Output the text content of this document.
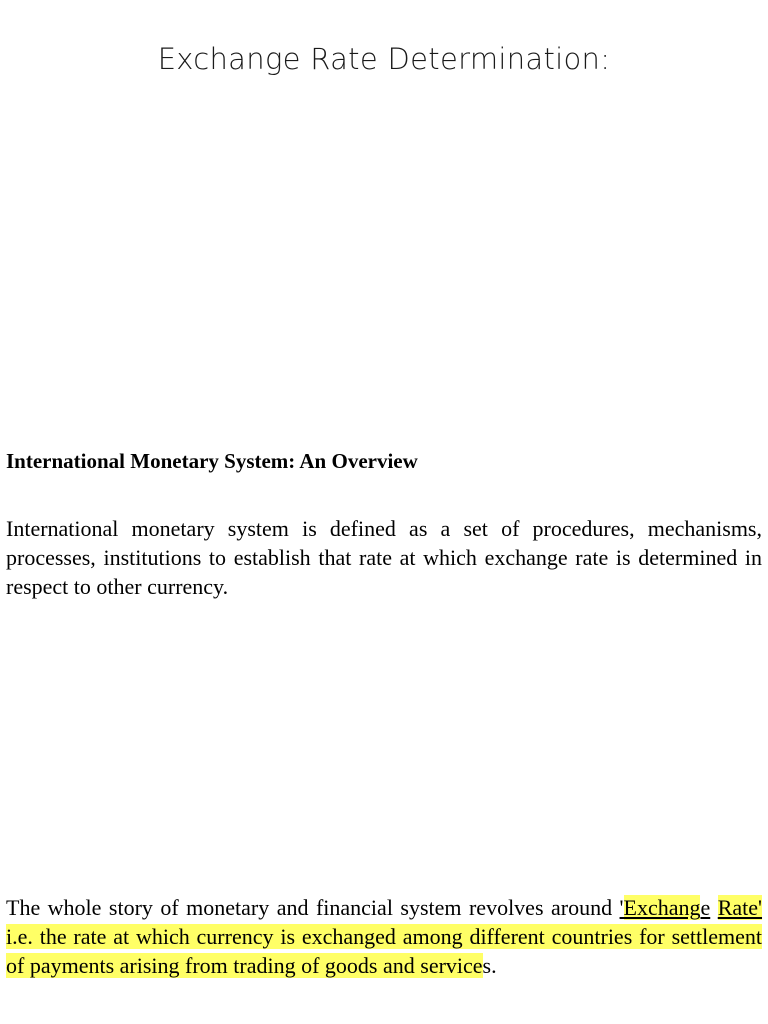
Exchange Rate Determination:
International Monetary System: An Overview
International monetary system is defined as a set of procedures, mechanisms, processes, institutions to establish that rate at which exchange rate is determined in respect to other currency.
The whole story of monetary and financial system revolves around 'Exchange Rate' i.e. the rate at which currency is exchanged among different countries for settlement of payments arising from trading of goods and services.
